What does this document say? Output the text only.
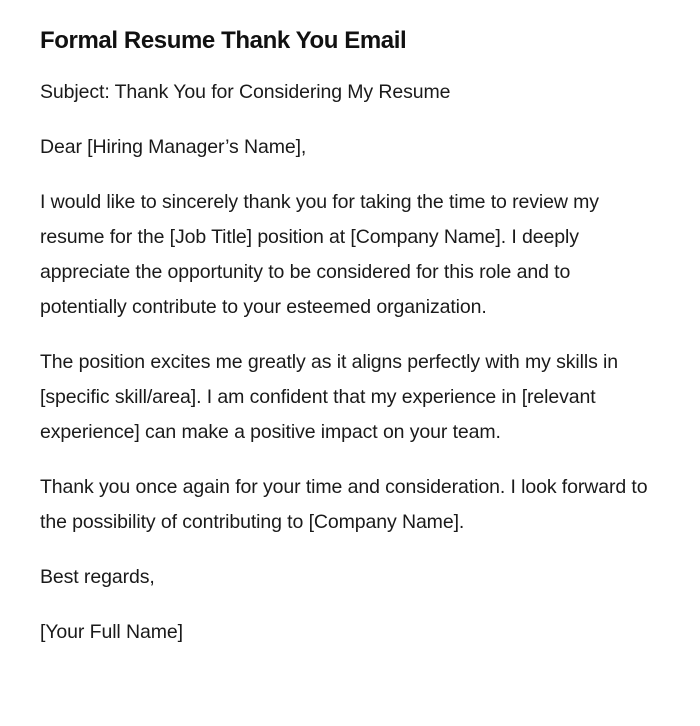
Formal Resume Thank You Email

Subject: Thank You for Considering My Resume

Dear [Hiring Manager’s Name],

I would like to sincerely thank you for taking the time to review my resume for the [Job Title] position at [Company Name]. I deeply appreciate the opportunity to be considered for this role and to potentially contribute to your esteemed organization.

The position excites me greatly as it aligns perfectly with my skills in [specific skill/area]. I am confident that my experience in [relevant experience] can make a positive impact on your team.

Thank you once again for your time and consideration. I look forward to the possibility of contributing to [Company Name].

Best regards,

[Your Full Name]
